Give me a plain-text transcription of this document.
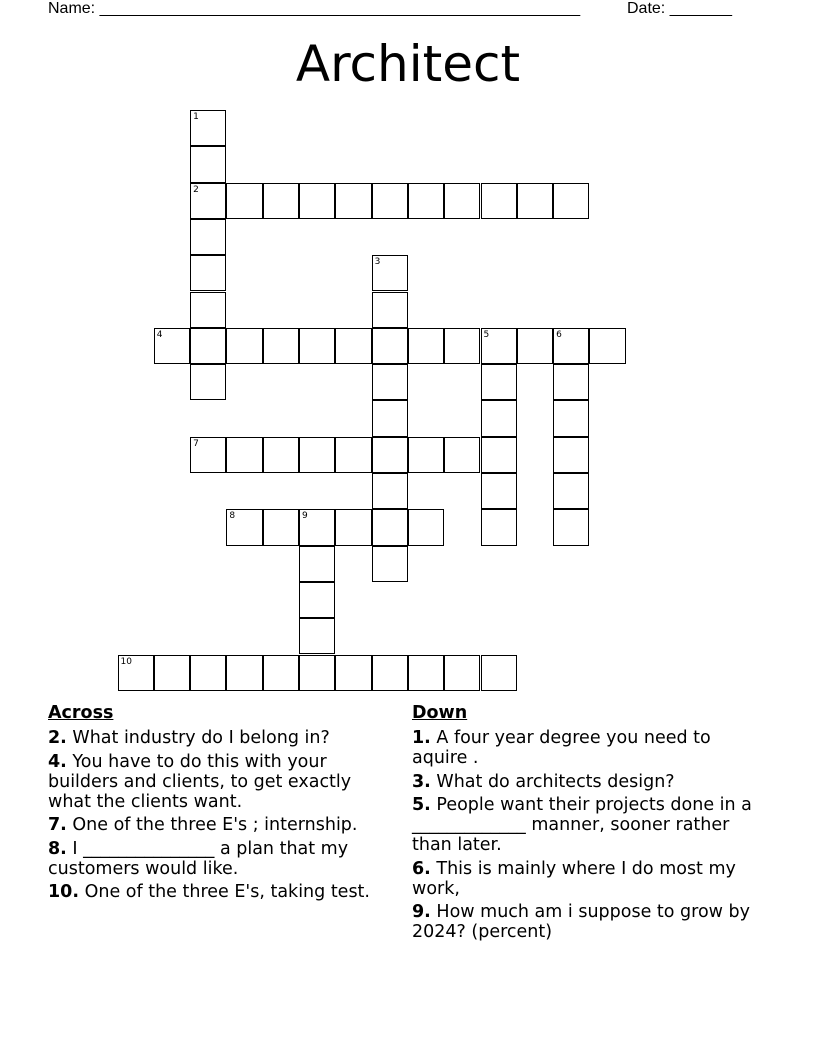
Name: ______________________________________________________	Date: _______
Architect
1
2
3
4	5	6
7
8	9
10
Across
2. What industry do I belong in?
4. You have to do this with your builders and clients, to get exactly what the clients want.
7. One of the three E's ; internship.
8. I _______________ a plan that my customers would like.
10. One of the three E's, taking test.
Down
1. A four year degree you need to aquire .
3. What do architects design?
5. People want their projects done in a _____________ manner, sooner rather than later.
6. This is mainly where I do most my work,
9. How much am i suppose to grow by 2024? (percent)
